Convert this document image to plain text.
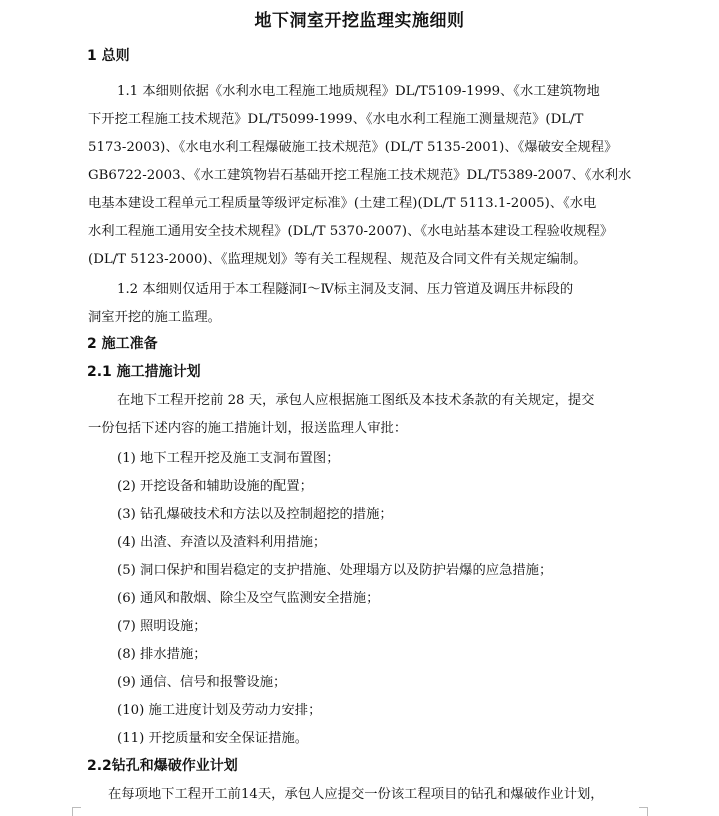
地下洞室开挖监理实施细则
1 总则
1.1 本细则依据《水利水电工程施工地质规程》DL/T5109-1999、《水工建筑物地
下开挖工程施工技术规范》DL/T5099-1999、《水电水利工程施工测量规范》(DL/T
5173-2003)、《水电水利工程爆破施工技术规范》(DL/T 5135-2001)、《爆破安全规程》
GB6722-2003、《水工建筑物岩石基础开挖工程施工技术规范》DL/T5389-2007、《水利水
电基本建设工程单元工程质量等级评定标准》(土建工程)(DL/T 5113.1-2005)、《水电
水利工程施工通用安全技术规程》(DL/T 5370-2007)、《水电站基本建设工程验收规程》
(DL/T 5123-2000)、《监理规划》等有关工程规程、规范及合同文件有关规定编制。
1.2 本细则仅适用于本工程隧洞Ⅰ～Ⅳ标主洞及支洞、压力管道及调压井标段的
洞室开挖的施工监理。
2 施工准备
2.1 施工措施计划
在地下工程开挖前 28 天，承包人应根据施工图纸及本技术条款的有关规定，提交
一份包括下述内容的施工措施计划，报送监理人审批：
(1) 地下工程开挖及施工支洞布置图；
(2) 开挖设备和辅助设施的配置；
(3) 钻孔爆破技术和方法以及控制超挖的措施；
(4) 出渣、弃渣以及渣料利用措施；
(5) 洞口保护和围岩稳定的支护措施、处理塌方以及防护岩爆的应急措施；
(6) 通风和散烟、除尘及空气监测安全措施；
(7) 照明设施；
(8) 排水措施；
(9) 通信、信号和报警设施；
(10) 施工进度计划及劳动力安排；
(11) 开挖质量和安全保证措施。
2.2钻孔和爆破作业计划
在每项地下工程开工前14天，承包人应提交一份该工程项目的钻孔和爆破作业计划，
